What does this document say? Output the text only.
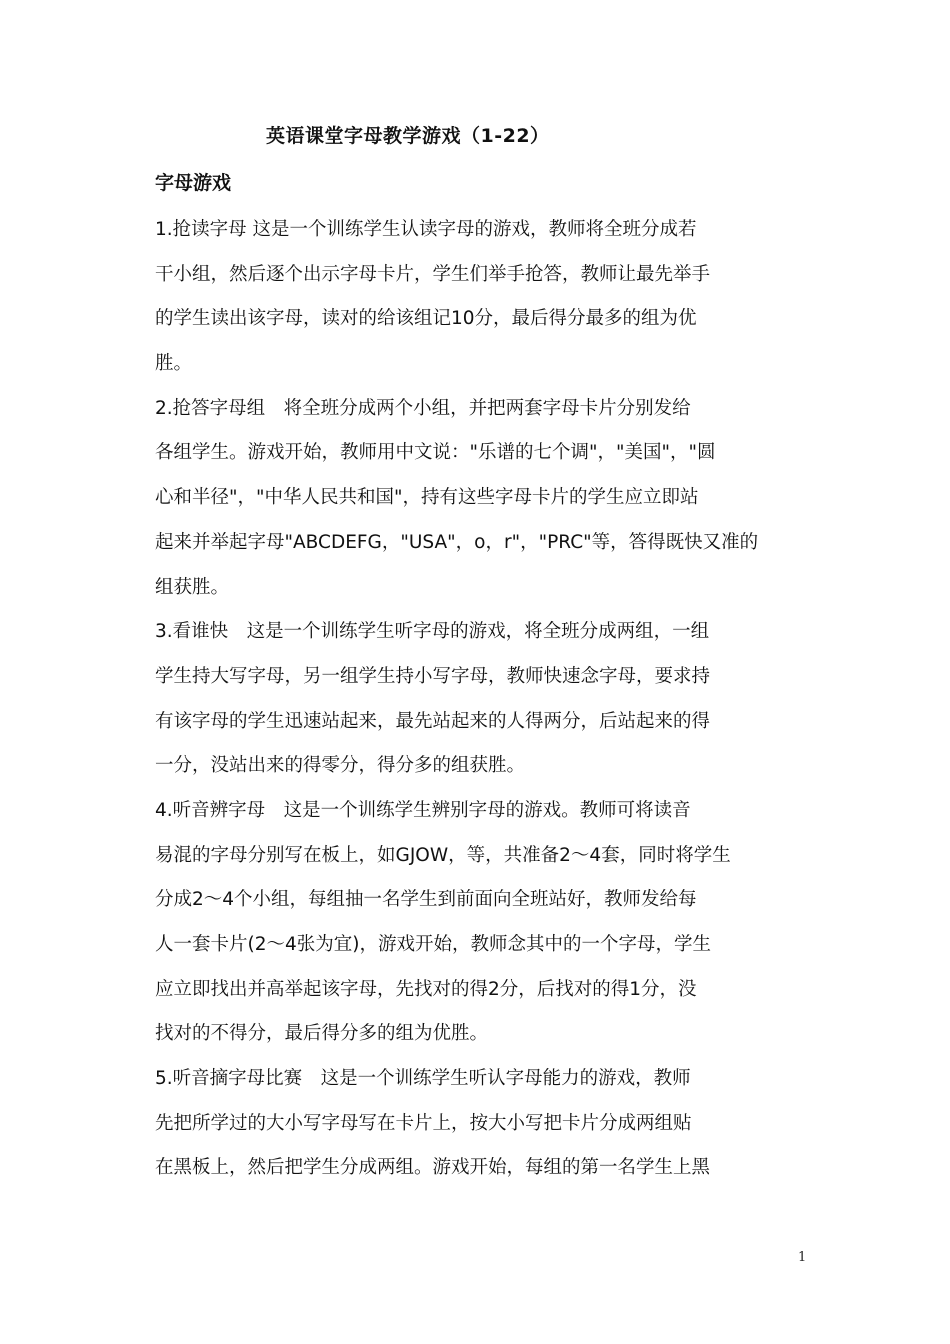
英语课堂字母教学游戏（1-22）
字母游戏
1.抢读字母 这是一个训练学生认读字母的游戏，教师将全班分成若
干小组，然后逐个出示字母卡片，学生们举手抢答，教师让最先举手
的学生读出该字母，读对的给该组记10分，最后得分最多的组为优
胜。
2.抢答字母组　将全班分成两个小组，并把两套字母卡片分别发给
各组学生。游戏开始，教师用中文说："乐谱的七个调"，"美国"，"圆
心和半径"，"中华人民共和国"，持有这些字母卡片的学生应立即站
起来并举起字母"ABCDEFG，"USA"，o，r"，"PRC"等，答得既快又准的
组获胜。
3.看谁快　这是一个训练学生听字母的游戏，将全班分成两组，一组
学生持大写字母，另一组学生持小写字母，教师快速念字母，要求持
有该字母的学生迅速站起来，最先站起来的人得两分，后站起来的得
一分，没站出来的得零分，得分多的组获胜。
4.听音辨字母　这是一个训练学生辨别字母的游戏。教师可将读音
易混的字母分别写在板上，如GJOW，等，共准备2～4套，同时将学生
分成2～4个小组，每组抽一名学生到前面向全班站好，教师发给每
人一套卡片(2～4张为宜)，游戏开始，教师念其中的一个字母，学生
应立即找出并高举起该字母，先找对的得2分，后找对的得1分，没
找对的不得分，最后得分多的组为优胜。
5.听音摘字母比赛　这是一个训练学生听认字母能力的游戏，教师
先把所学过的大小写字母写在卡片上，按大小写把卡片分成两组贴
在黑板上，然后把学生分成两组。游戏开始，每组的第一名学生上黑
1
